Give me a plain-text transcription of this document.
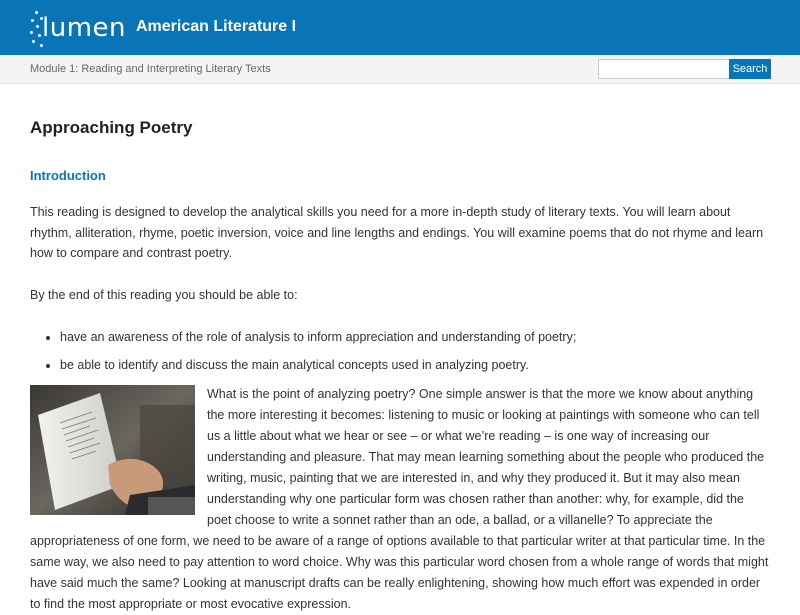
lumen American Literature I
Module 1: Reading and Interpreting Literary Texts	Search
Approaching Poetry
Introduction

This reading is designed to develop the analytical skills you need for a more in-depth study of literary texts. You will learn about rhythm, alliteration, rhyme, poetic inversion, voice and line lengths and endings. You will examine poems that do not rhyme and learn how to compare and contrast poetry.

By the end of this reading you should be able to:

• have an awareness of the role of analysis to inform appreciation and understanding of poetry;
• be able to identify and discuss the main analytical concepts used in analyzing poetry.

What is the point of analyzing poetry? One simple answer is that the more we know about anything the more interesting it becomes: listening to music or looking at paintings with someone who can tell us a little about what we hear or see – or what we’re reading – is one way of increasing our understanding and pleasure. That may mean learning something about the people who produced the writing, music, painting that we are interested in, and why they produced it. But it may also mean understanding why one particular form was chosen rather than another: why, for example, did the poet choose to write a sonnet rather than an ode, a ballad, or a villanelle? To appreciate the appropriateness of one form, we need to be aware of a range of options available to that particular writer at that particular time. In the same way, we also need to pay attention to word choice. Why was this particular word chosen from a whole range of words that might have said much the same? Looking at manuscript drafts can be really enlightening, showing how much effort was expended in order to find the most appropriate or most evocative expression.
